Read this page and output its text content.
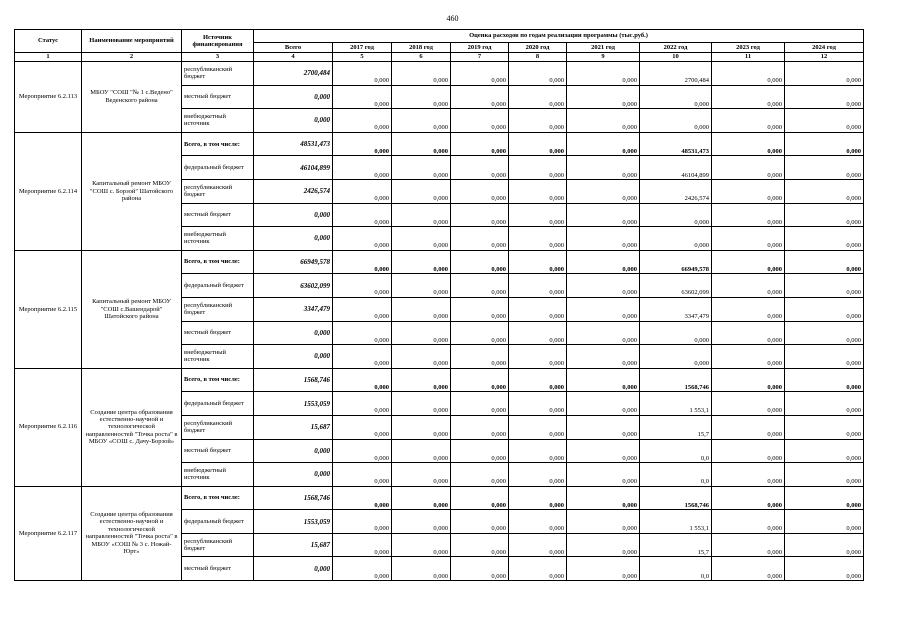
460
Статус	Наименование мероприятий	Источник финансирования	Оценка расходов по годам реализации программы (тыс.руб.)								
			Всего	2017 год	2018 год	2019 год	2020 год	2021 год	2022 год	2023 год	2024 год
1	2	3	4	5	6	7	8	9	10	11	12
Мероприятие 6.2.113	МБОУ "СОШ "№ 1 с.Ведено" Веденского района	республиканский бюджет	2700,484	0,000	0,000	0,000	0,000	0,000	2700,484	0,000	0,000
		местный бюджет	0,000	0,000	0,000	0,000	0,000	0,000	0,000	0,000	0,000
		внебюджетный источник	0,000	0,000	0,000	0,000	0,000	0,000	0,000	0,000	0,000
Мероприятие 6.2.114	Капитальный ремонт МБОУ "СОШ с. Борзой" Шатойского района	Всего, в том числе:	48531,473	0,000	0,000	0,000	0,000	0,000	48531,473	0,000	0,000
		федеральный бюджет	46104,899	0,000	0,000	0,000	0,000	0,000	46104,899	0,000	0,000
		республиканский бюджет	2426,574	0,000	0,000	0,000	0,000	0,000	2426,574	0,000	0,000
		местный бюджет	0,000	0,000	0,000	0,000	0,000	0,000	0,000	0,000	0,000
		внебюджетный источник	0,000	0,000	0,000	0,000	0,000	0,000	0,000	0,000	0,000
Мероприятие 6.2.115	Капитальный ремонт МБОУ "СОШ с.Вашендарой" Шатойского района	Всего, в том числе:	66949,578	0,000	0,000	0,000	0,000	0,000	66949,578	0,000	0,000
		федеральный бюджет	63602,099	0,000	0,000	0,000	0,000	0,000	63602,099	0,000	0,000
		республиканский бюджет	3347,479	0,000	0,000	0,000	0,000	0,000	3347,479	0,000	0,000
		местный бюджет	0,000	0,000	0,000	0,000	0,000	0,000	0,000	0,000	0,000
		внебюджетный источник	0,000	0,000	0,000	0,000	0,000	0,000	0,000	0,000	0,000
Мероприятие 6.2.116	Создание центра образования естественно-научной и технологической направленностей "Точка роста" в МБОУ «СОШ с. Дачу-Борзой»	Всего, в том числе:	1568,746	0,000	0,000	0,000	0,000	0,000	1568,746	0,000	0,000
		федеральный бюджет	1553,059	0,000	0,000	0,000	0,000	0,000	1 553,1	0,000	0,000
		республиканский бюджет	15,687	0,000	0,000	0,000	0,000	0,000	15,7	0,000	0,000
		местный бюджет	0,000	0,000	0,000	0,000	0,000	0,000	0,0	0,000	0,000
		внебюджетный источник	0,000	0,000	0,000	0,000	0,000	0,000	0,0	0,000	0,000
Мероприятие 6.2.117	Создание центра образования естественно-научной и технологической направленностей "Точка роста" в МБОУ «СОШ № 3 с. Ножай-Юрт»	Всего, в том числе:	1568,746	0,000	0,000	0,000	0,000	0,000	1568,746	0,000	0,000
		федеральный бюджет	1553,059	0,000	0,000	0,000	0,000	0,000	1 553,1	0,000	0,000
		республиканский бюджет	15,687	0,000	0,000	0,000	0,000	0,000	15,7	0,000	0,000
		местный бюджет	0,000	0,000	0,000	0,000	0,000	0,000	0,0	0,000	0,000
